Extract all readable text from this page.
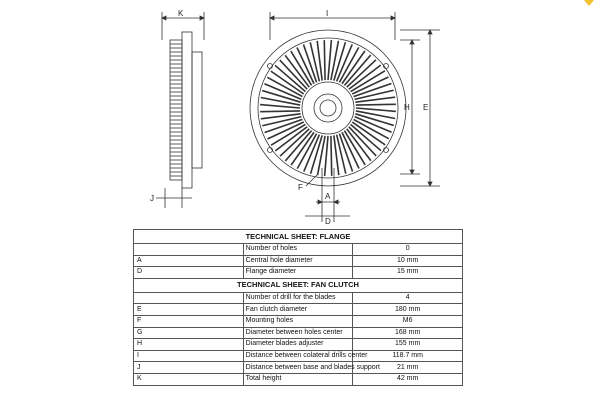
K
J
I
H E
F
A
D
TECHNICAL SHEET: FLANGE		
	Number of holes	0
A	Central hole diameter	10 mm
D	Flange diameter	15 mm
TECHNICAL SHEET: FAN CLUTCH		
	Number of drill for the blades	4
E	Fan clutch diameter	180 mm
F	Mounting holes	M6
G	Diameter between holes center	168 mm
H	Diameter blades adjuster	155 mm
I	Distance between colateral drills center	118.7 mm
J	Distance between base and blades support	21 mm
K	Total height	42 mm
